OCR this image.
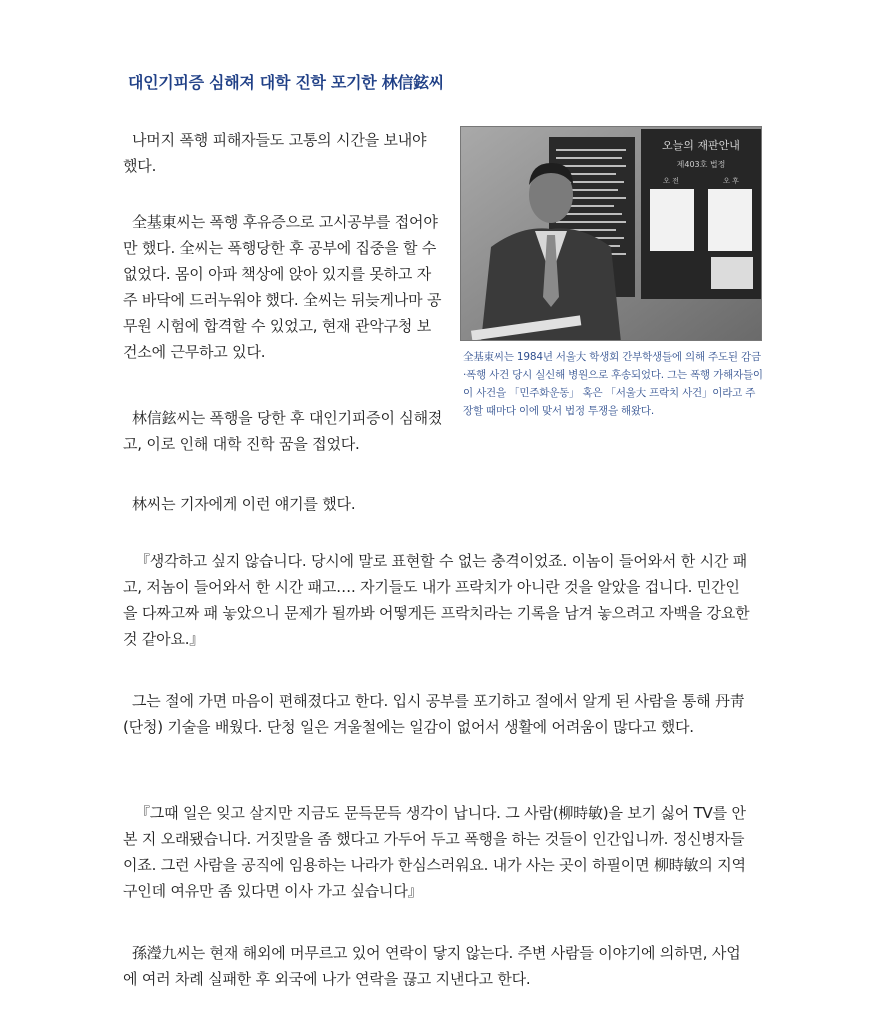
대인기피증 심해져 대학 진학 포기한 林信鉉씨

나머지 폭행 피해자들도 고통의 시간을 보내야 했다.

全基東씨는 폭행 후유증으로 고시공부를 접어야만 했다. 全씨는 폭행당한 후 공부에 집중을 할 수 없었다. 몸이 아파 책상에 앉아 있지를 못하고 자주 바닥에 드러누워야 했다. 全씨는 뒤늦게나마 공무원 시험에 합격할 수 있었고, 현재 관악구청 보건소에 근무하고 있다.

林信鉉씨는 폭행을 당한 후 대인기피증이 심해졌고, 이로 인해 대학 진학 꿈을 접었다.

林씨는 기자에게 이런 얘기를 했다.

『생각하고 싶지 않습니다. 당시에 말로 표현할 수 없는 충격이었죠. 이놈이 들어와서 한 시간 패고, 저놈이 들어와서 한 시간 패고…. 자기들도 내가 프락치가 아니란 것을 알았을 겁니다. 민간인을 다짜고짜 패 놓았으니 문제가 될까봐 어떻게든 프락치라는 기록을 남겨 놓으려고 자백을 강요한 것 같아요.』

그는 절에 가면 마음이 편해졌다고 한다. 입시 공부를 포기하고 절에서 알게 된 사람을 통해 丹靑(단청) 기술을 배웠다. 단청 일은 겨울철에는 일감이 없어서 생활에 어려움이 많다고 했다.

『그때 일은 잊고 살지만 지금도 문득문득 생각이 납니다. 그 사람(柳時敏)을 보기 싫어 TV를 안 본 지 오래됐습니다. 거짓말을 좀 했다고 가두어 두고 폭행을 하는 것들이 인간입니까. 정신병자들이죠. 그런 사람을 공직에 임용하는 나라가 한심스러워요. 내가 사는 곳이 하필이면 柳時敏의 지역구인데 여유만 좀 있다면 이사 가고 싶습니다』

孫瀅九씨는 현재 해외에 머무르고 있어 연락이 닿지 않는다. 주변 사람들 이야기에 의하면, 사업에 여러 차례 실패한 후 외국에 나가 연락을 끊고 지낸다고 한다.

오늘의 재판안내
제403호 법정
오 전	오 후
全基東씨는 1984년 서울大 학생회 간부학생들에 의해 주도된 감금·폭행 사건 당시 실신해 병원으로 후송되었다. 그는 폭행 가해자들이 이 사건을 「민주화운동」 혹은 「서울大 프락치 사건」이라고 주장할 때마다 이에 맞서 법정 투쟁을 해왔다.
